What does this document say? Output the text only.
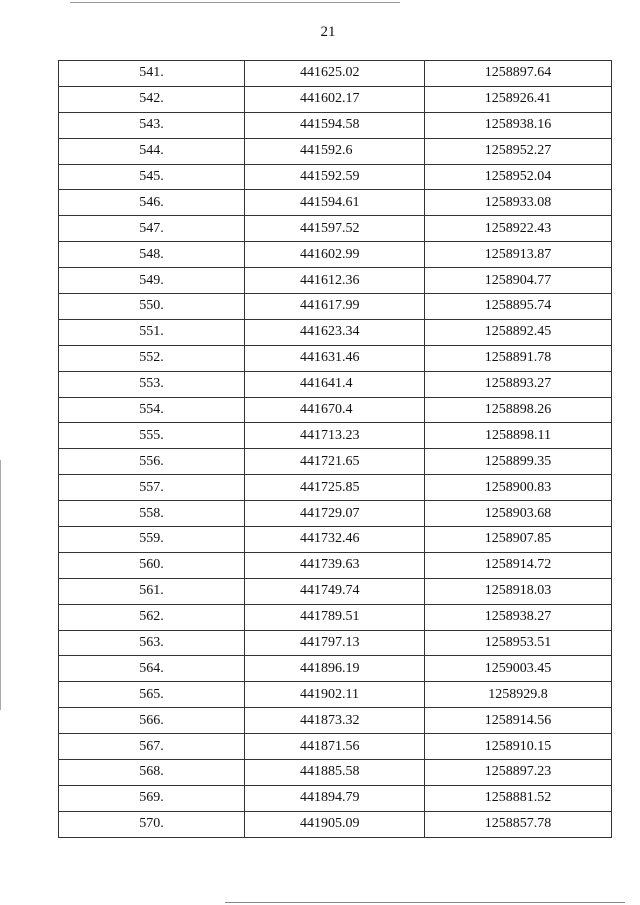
21
541.	441625.02	1258897.64
542.	441602.17	1258926.41
543.	441594.58	1258938.16
544.	441592.6	1258952.27
545.	441592.59	1258952.04
546.	441594.61	1258933.08
547.	441597.52	1258922.43
548.	441602.99	1258913.87
549.	441612.36	1258904.77
550.	441617.99	1258895.74
551.	441623.34	1258892.45
552.	441631.46	1258891.78
553.	441641.4	1258893.27
554.	441670.4	1258898.26
555.	441713.23	1258898.11
556.	441721.65	1258899.35
557.	441725.85	1258900.83
558.	441729.07	1258903.68
559.	441732.46	1258907.85
560.	441739.63	1258914.72
561.	441749.74	1258918.03
562.	441789.51	1258938.27
563.	441797.13	1258953.51
564.	441896.19	1259003.45
565.	441902.11	1258929.8
566.	441873.32	1258914.56
567.	441871.56	1258910.15
568.	441885.58	1258897.23
569.	441894.79	1258881.52
570.	441905.09	1258857.78
